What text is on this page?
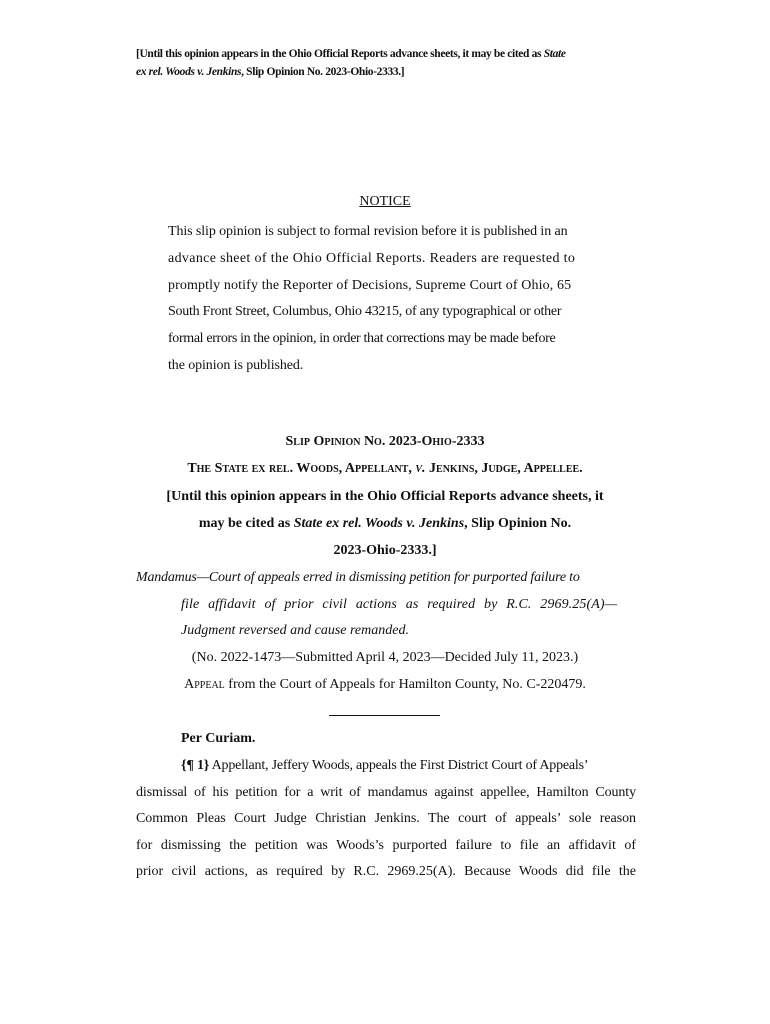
[Until this opinion appears in the Ohio Official Reports advance sheets, it may be cited as State
ex rel. Woods v. Jenkins, Slip Opinion No. 2023-Ohio-2333.]
NOTICE
This slip opinion is subject to formal revision before it is published in an
advance sheet of the Ohio Official Reports. Readers are requested to
promptly notify the Reporter of Decisions, Supreme Court of Ohio, 65
South Front Street, Columbus, Ohio 43215, of any typographical or other
formal errors in the opinion, in order that corrections may be made before
the opinion is published.
Slip Opinion No. 2023-Ohio-2333
The State ex rel. Woods, Appellant, v. Jenkins, Judge, Appellee.
[Until this opinion appears in the Ohio Official Reports advance sheets, it
may be cited as State ex rel. Woods v. Jenkins, Slip Opinion No.
2023-Ohio-2333.]
Mandamus—Court of appeals erred in dismissing petition for purported failure to
file affidavit of prior civil actions as required by R.C. 2969.25(A)—
Judgment reversed and cause remanded.
(No. 2022-1473—Submitted April 4, 2023—Decided July 11, 2023.)
Appeal from the Court of Appeals for Hamilton County, No. C-220479.
Per Curiam.
{¶ 1} Appellant, Jeffery Woods, appeals the First District Court of Appeals’
dismissal of his petition for a writ of mandamus against appellee, Hamilton County
Common Pleas Court Judge Christian Jenkins. The court of appeals’ sole reason
for dismissing the petition was Woods’s purported failure to file an affidavit of
prior civil actions, as required by R.C. 2969.25(A). Because Woods did file the
